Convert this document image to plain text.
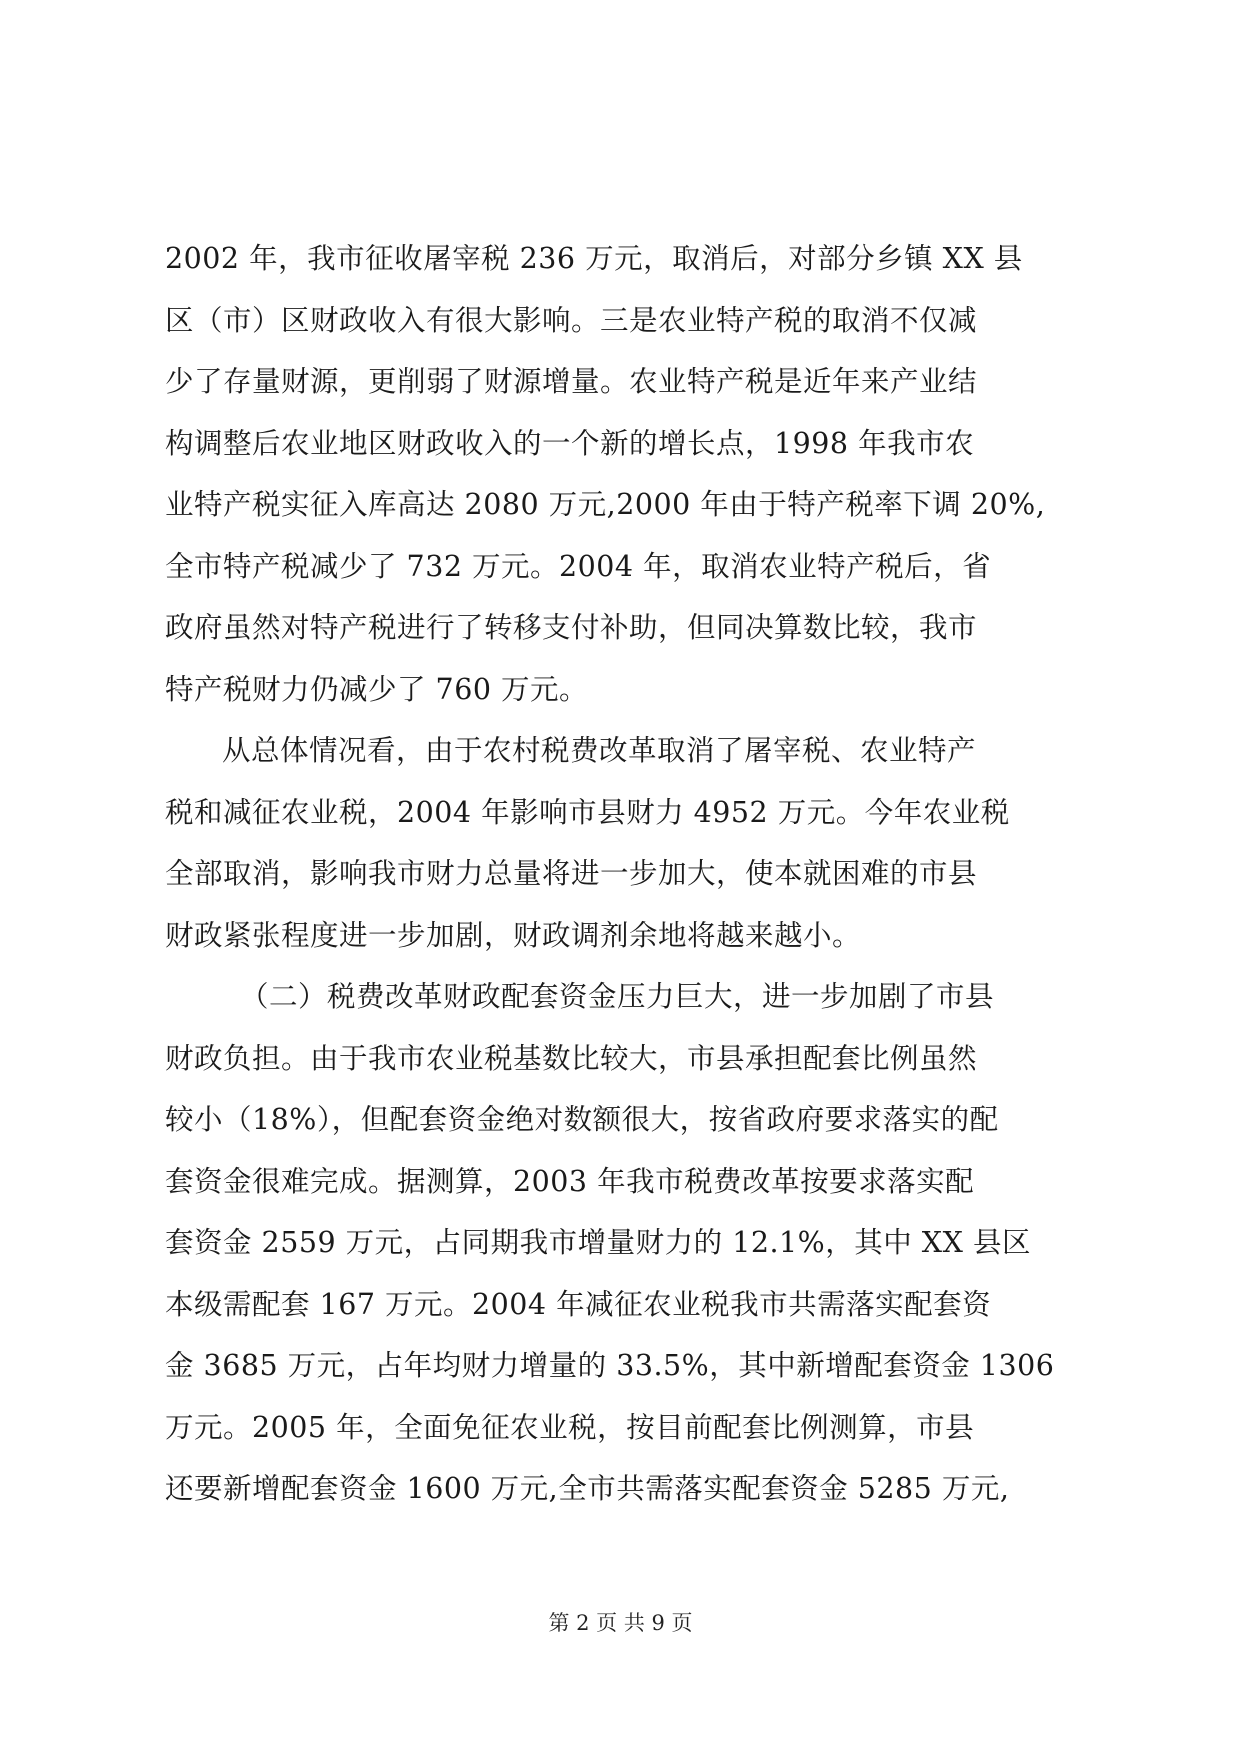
2002 年，我市征收屠宰税 236 万元，取消后，对部分乡镇 XX 县
区（市）区财政收入有很大影响。三是农业特产税的取消不仅减
少了存量财源，更削弱了财源增量。农业特产税是近年来产业结
构调整后农业地区财政收入的一个新的增长点，1998 年我市农
业特产税实征入库高达 2080 万元,2000 年由于特产税率下调 20%,
全市特产税减少了 732 万元。2004 年，取消农业特产税后，省
政府虽然对特产税进行了转移支付补助，但同决算数比较，我市
特产税财力仍减少了 760 万元。
从总体情况看，由于农村税费改革取消了屠宰税、农业特产
税和减征农业税，2004 年影响市县财力 4952 万元。今年农业税
全部取消，影响我市财力总量将进一步加大，使本就困难的市县
财政紧张程度进一步加剧，财政调剂余地将越来越小。
（二）税费改革财政配套资金压力巨大，进一步加剧了市县
财政负担。由于我市农业税基数比较大，市县承担配套比例虽然
较小（18%），但配套资金绝对数额很大，按省政府要求落实的配
套资金很难完成。据测算，2003 年我市税费改革按要求落实配
套资金 2559 万元，占同期我市增量财力的 12.1%，其中 XX 县区
本级需配套 167 万元。2004 年减征农业税我市共需落实配套资
金 3685 万元，占年均财力增量的 33.5%，其中新增配套资金 1306
万元。2005 年，全面免征农业税，按目前配套比例测算，市县
还要新增配套资金 1600 万元,全市共需落实配套资金 5285 万元,
第 2 页 共 9 页
